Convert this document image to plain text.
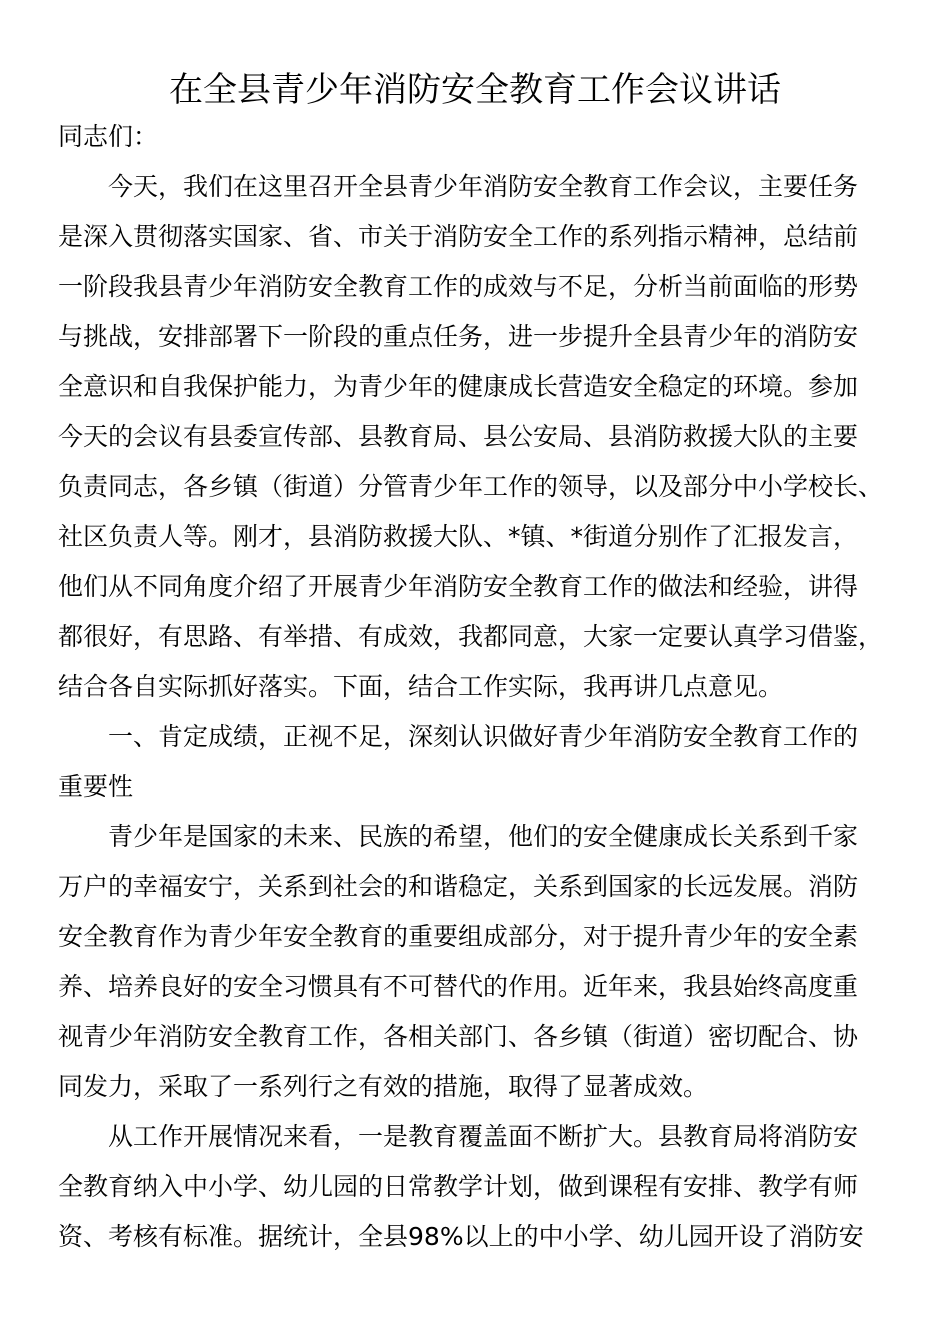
在全县青少年消防安全教育工作会议讲话
同志们：
今天，我们在这里召开全县青少年消防安全教育工作会议，主要任务
是深入贯彻落实国家、省、市关于消防安全工作的系列指示精神，总结前
一阶段我县青少年消防安全教育工作的成效与不足，分析当前面临的形势
与挑战，安排部署下一阶段的重点任务，进一步提升全县青少年的消防安
全意识和自我保护能力，为青少年的健康成长营造安全稳定的环境。参加
今天的会议有县委宣传部、县教育局、县公安局、县消防救援大队的主要
负责同志，各乡镇（街道）分管青少年工作的领导，以及部分中小学校长、
社区负责人等。刚才，县消防救援大队、*镇、*街道分别作了汇报发言，
他们从不同角度介绍了开展青少年消防安全教育工作的做法和经验，讲得
都很好，有思路、有举措、有成效，我都同意，大家一定要认真学习借鉴，
结合各自实际抓好落实。下面，结合工作实际，我再讲几点意见。
一、肯定成绩，正视不足，深刻认识做好青少年消防安全教育工作的
重要性
青少年是国家的未来、民族的希望，他们的安全健康成长关系到千家
万户的幸福安宁，关系到社会的和谐稳定，关系到国家的长远发展。消防
安全教育作为青少年安全教育的重要组成部分，对于提升青少年的安全素
养、培养良好的安全习惯具有不可替代的作用。近年来，我县始终高度重
视青少年消防安全教育工作，各相关部门、各乡镇（街道）密切配合、协
同发力，采取了一系列行之有效的措施，取得了显著成效。
从工作开展情况来看，一是教育覆盖面不断扩大。县教育局将消防安
全教育纳入中小学、幼儿园的日常教学计划，做到课程有安排、教学有师
资、考核有标准。据统计，全县98%以上的中小学、幼儿园开设了消防安
